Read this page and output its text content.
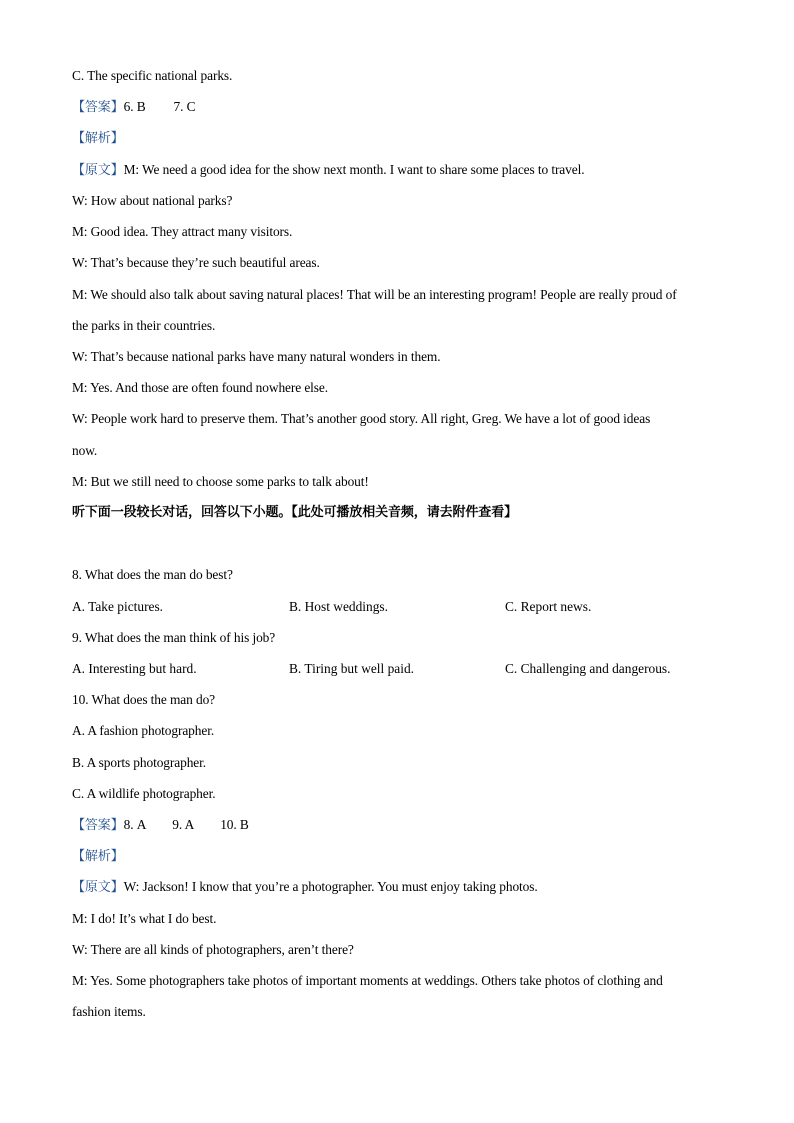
C. The specific national parks.
【答案】6. B 7. C
【解析】
【原文】M: We need a good idea for the show next month. I want to share some places to travel.
W: How about national parks?
M: Good idea. They attract many visitors.
W: That’s because they’re such beautiful areas.
M: We should also talk about saving natural places! That will be an interesting program! People are really proud of
the parks in their countries.
W: That’s because national parks have many natural wonders in them.
M: Yes. And those are often found nowhere else.
W: People work hard to preserve them. That’s another good story. All right, Greg. We have a lot of good ideas
now.
M: But we still need to choose some parks to talk about!
听下面一段较长对话，回答以下小题。【此处可播放相关音频，请去附件查看】
8. What does the man do best?
A. Take pictures.	B. Host weddings.	C. Report news.
9. What does the man think of his job?
A. Interesting but hard.	B. Tiring but well paid.	C. Challenging and dangerous.
10. What does the man do?
A. A fashion photographer.
B. A sports photographer.
C. A wildlife photographer.
【答案】8. A 9. A 10. B
【解析】
【原文】W: Jackson! I know that you’re a photographer. You must enjoy taking photos.
M: I do! It’s what I do best.
W: There are all kinds of photographers, aren’t there?
M: Yes. Some photographers take photos of important moments at weddings. Others take photos of clothing and
fashion items.
